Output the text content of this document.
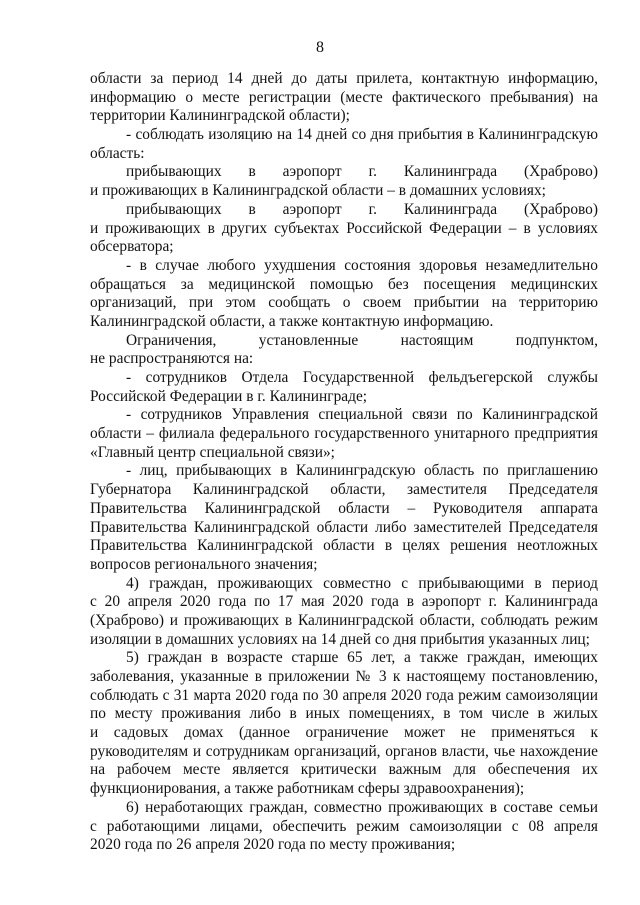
8
области за период 14 дней до даты прилета, контактную информацию,
информацию о месте регистрации (месте фактического пребывания) на
территории Калининградской области);
- соблюдать изоляцию на 14 дней со дня прибытия в Калининградскую
область:
прибывающих в аэропорт г. Калининграда (Храброво)
и проживающих в Калининградской области – в домашних условиях;
прибывающих в аэропорт г. Калининграда (Храброво)
и проживающих в других субъектах Российской Федерации – в условиях
обсерватора;
- в случае любого ухудшения состояния здоровья незамедлительно
обращаться за медицинской помощью без посещения медицинских
организаций, при этом сообщать о своем прибытии на территорию
Калининградской области, а также контактную информацию.
Ограничения, установленные настоящим подпунктом,
не распространяются на:
- сотрудников Отдела Государственной фельдъегерской службы
Российской Федерации в г. Калининграде;
- сотрудников Управления специальной связи по Калининградской
области – филиала федерального государственного унитарного предприятия
«Главный центр специальной связи»;
- лиц, прибывающих в Калининградскую область по приглашению
Губернатора Калининградской области, заместителя Председателя
Правительства Калининградской области – Руководителя аппарата
Правительства Калининградской области либо заместителей Председателя
Правительства Калининградской области в целях решения неотложных
вопросов регионального значения;
4) граждан, проживающих совместно с прибывающими в период
с 20 апреля 2020 года по 17 мая 2020 года в аэропорт г. Калининграда
(Храброво) и проживающих в Калининградской области, соблюдать режим
изоляции в домашних условиях на 14 дней со дня прибытия указанных лиц;
5) граждан в возрасте старше 65 лет, а также граждан, имеющих
заболевания, указанные в приложении № 3 к настоящему постановлению,
соблюдать с 31 марта 2020 года по 30 апреля 2020 года режим самоизоляции
по месту проживания либо в иных помещениях, в том числе в жилых
и садовых домах (данное ограничение может не применяться к
руководителям и сотрудникам организаций, органов власти, чье нахождение
на рабочем месте является критически важным для обеспечения их
функционирования, а также работникам сферы здравоохранения);
6) неработающих граждан, совместно проживающих в составе семьи
с работающими лицами, обеспечить режим самоизоляции с 08 апреля
2020 года по 26 апреля 2020 года по месту проживания;
